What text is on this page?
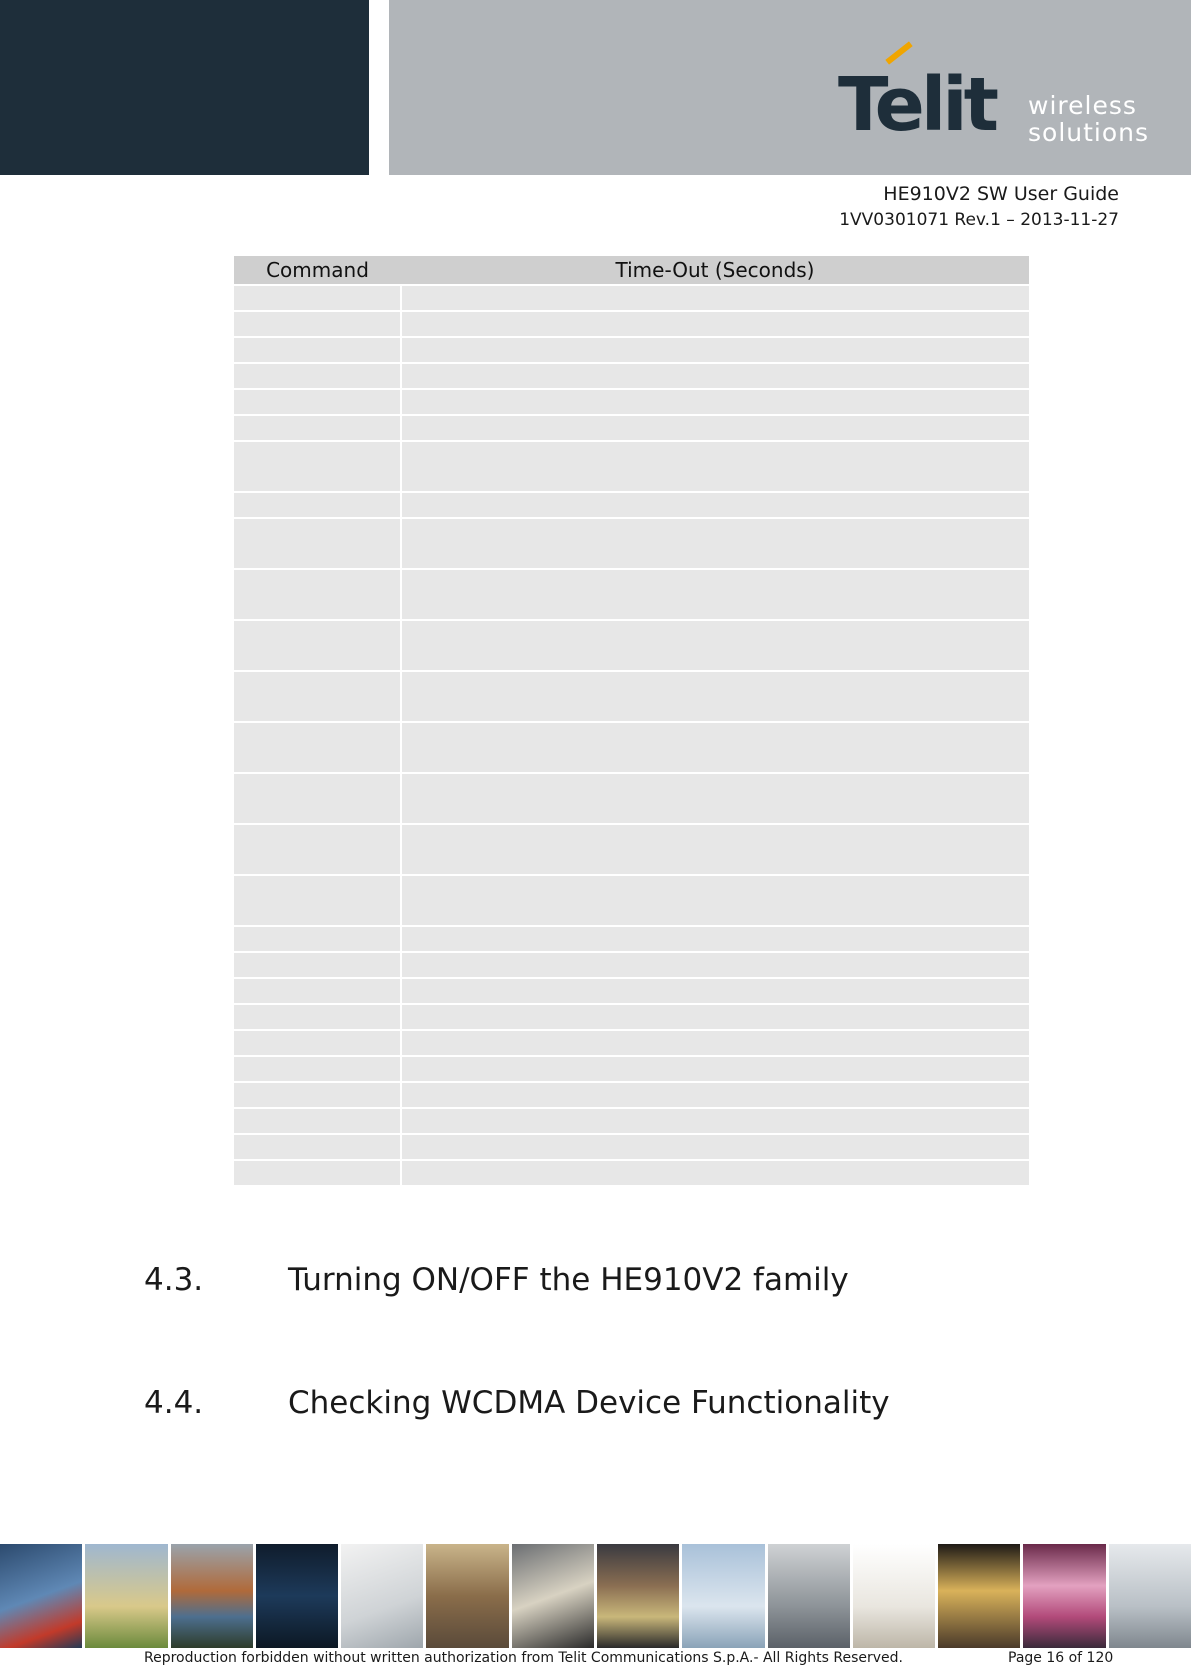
Telit wireless
solutions
HE910V2 SW User Guide
1VV0301071 Rev.1 – 2013-11-27
Command	Time-Out (Seconds)

4.3.	Turning ON/OFF the HE910V2 family
4.4.	Checking WCDMA Device Functionality
Reproduction forbidden without written authorization from Telit Communications S.p.A.- All Rights Reserved.	Page 16 of 120
